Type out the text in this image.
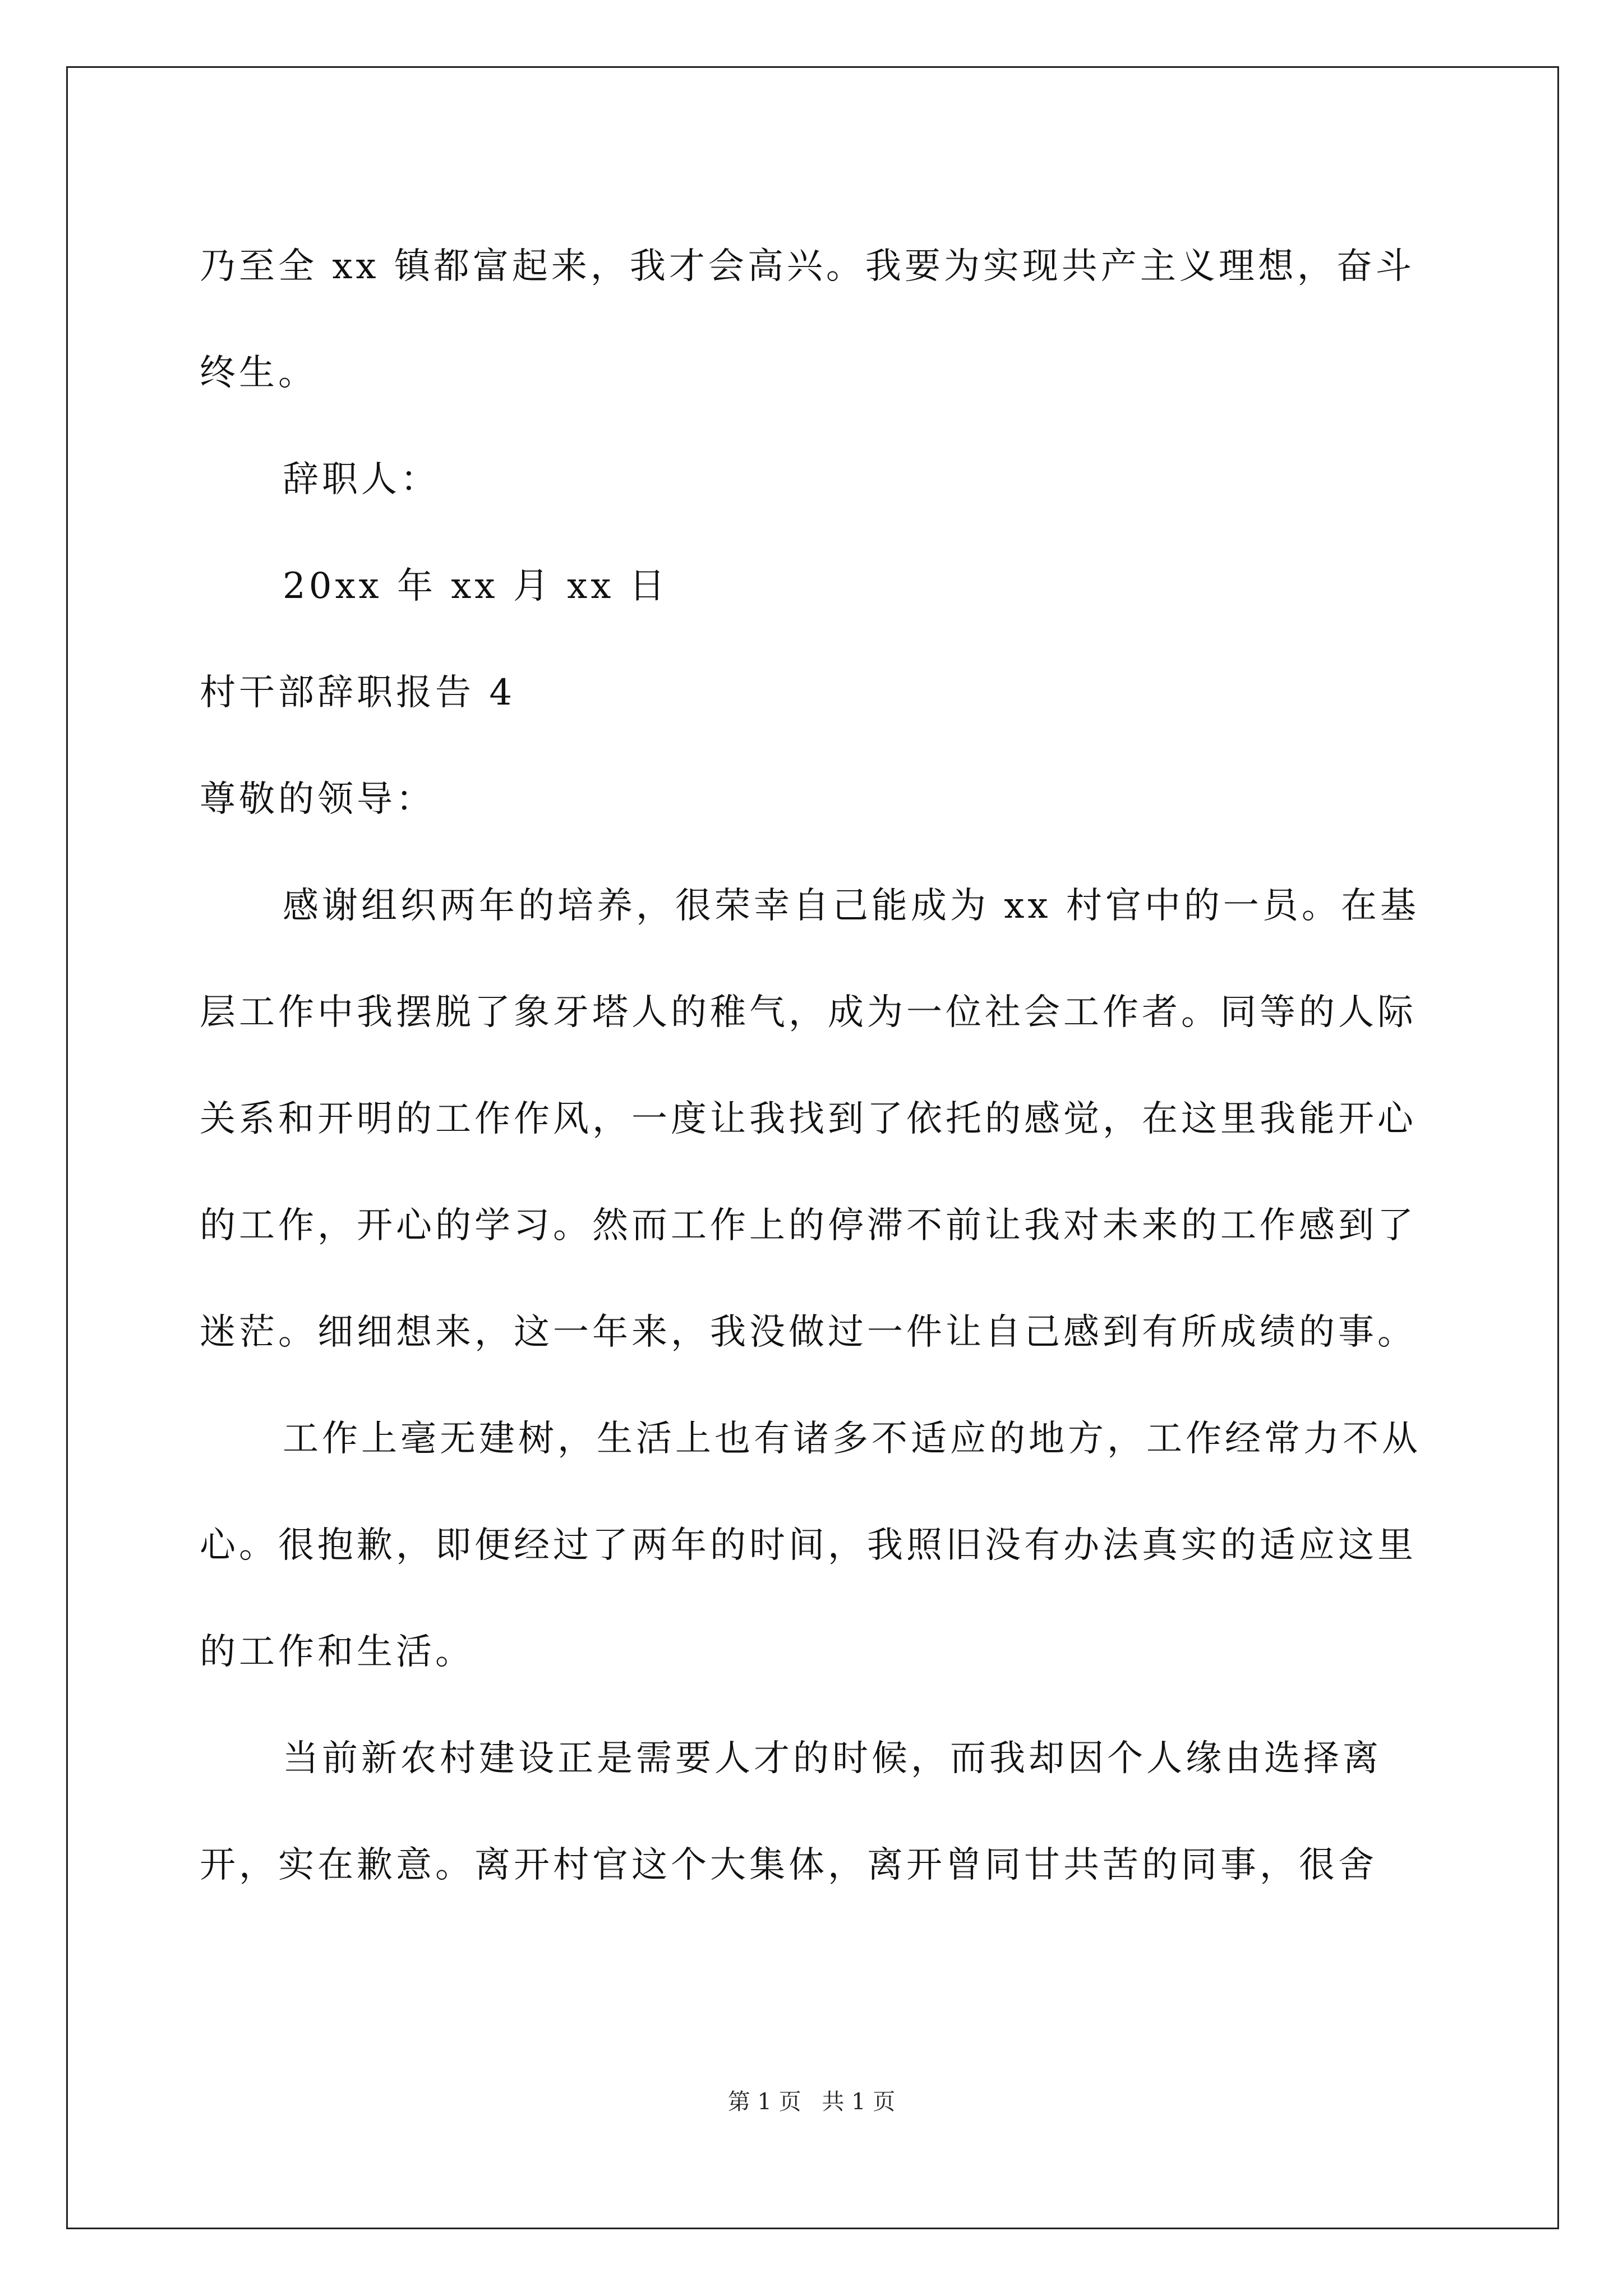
乃至全 xx 镇都富起来，我才会高兴。我要为实现共产主义理想，奋斗终生。

辞职人：

20xx 年 xx 月 xx 日

村干部辞职报告 4

尊敬的领导：

感谢组织两年的培养，很荣幸自己能成为 xx 村官中的一员。在基层工作中我摆脱了象牙塔人的稚气，成为一位社会工作者。同等的人际关系和开明的工作作风，一度让我找到了依托的感觉，在这里我能开心的工作，开心的学习。然而工作上的停滞不前让我对未来的工作感到了迷茫。细细想来，这一年来，我没做过一件让自己感到有所成绩的事。

工作上毫无建树，生活上也有诸多不适应的地方，工作经常力不从心。很抱歉，即便经过了两年的时间，我照旧没有办法真实的适应这里的工作和生活。

当前新农村建设正是需要人才的时候，而我却因个人缘由选择离开，实在歉意。离开村官这个大集体，离开曾同甘共苦的同事，很舍

第 1 页 共 1 页
